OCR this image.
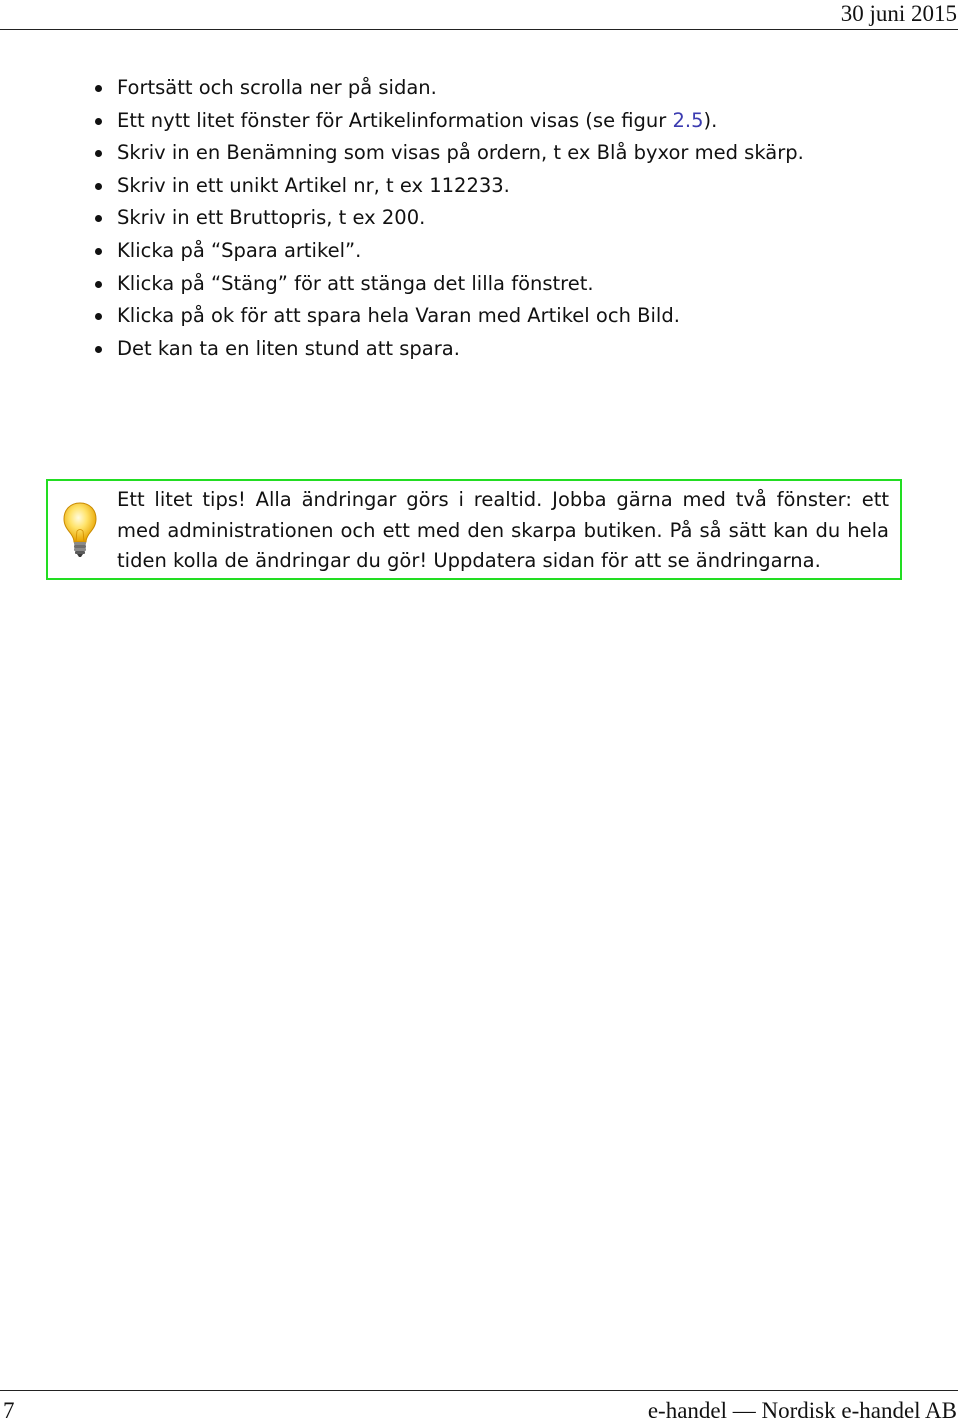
30 juni 2015
Fortsätt och scrolla ner på sidan.
Ett nytt litet fönster för Artikelinformation visas (se figur 2.5).
Skriv in en Benämning som visas på ordern, t ex Blå byxor med skärp.
Skriv in ett unikt Artikel nr, t ex 112233.
Skriv in ett Bruttopris, t ex 200.
Klicka på “Spara artikel”.
Klicka på “Stäng” för att stänga det lilla fönstret.
Klicka på ok för att spara hela Varan med Artikel och Bild.
Det kan ta en liten stund att spara.
Ett litet tips! Alla ändringar görs i realtid. Jobba gärna med två fönster: ett med administrationen och ett med den skarpa butiken. På så sätt kan du hela tiden kolla de ändringar du gör! Uppdatera sidan för att se ändringarna.
7	e-handel — Nordisk e-handel AB
